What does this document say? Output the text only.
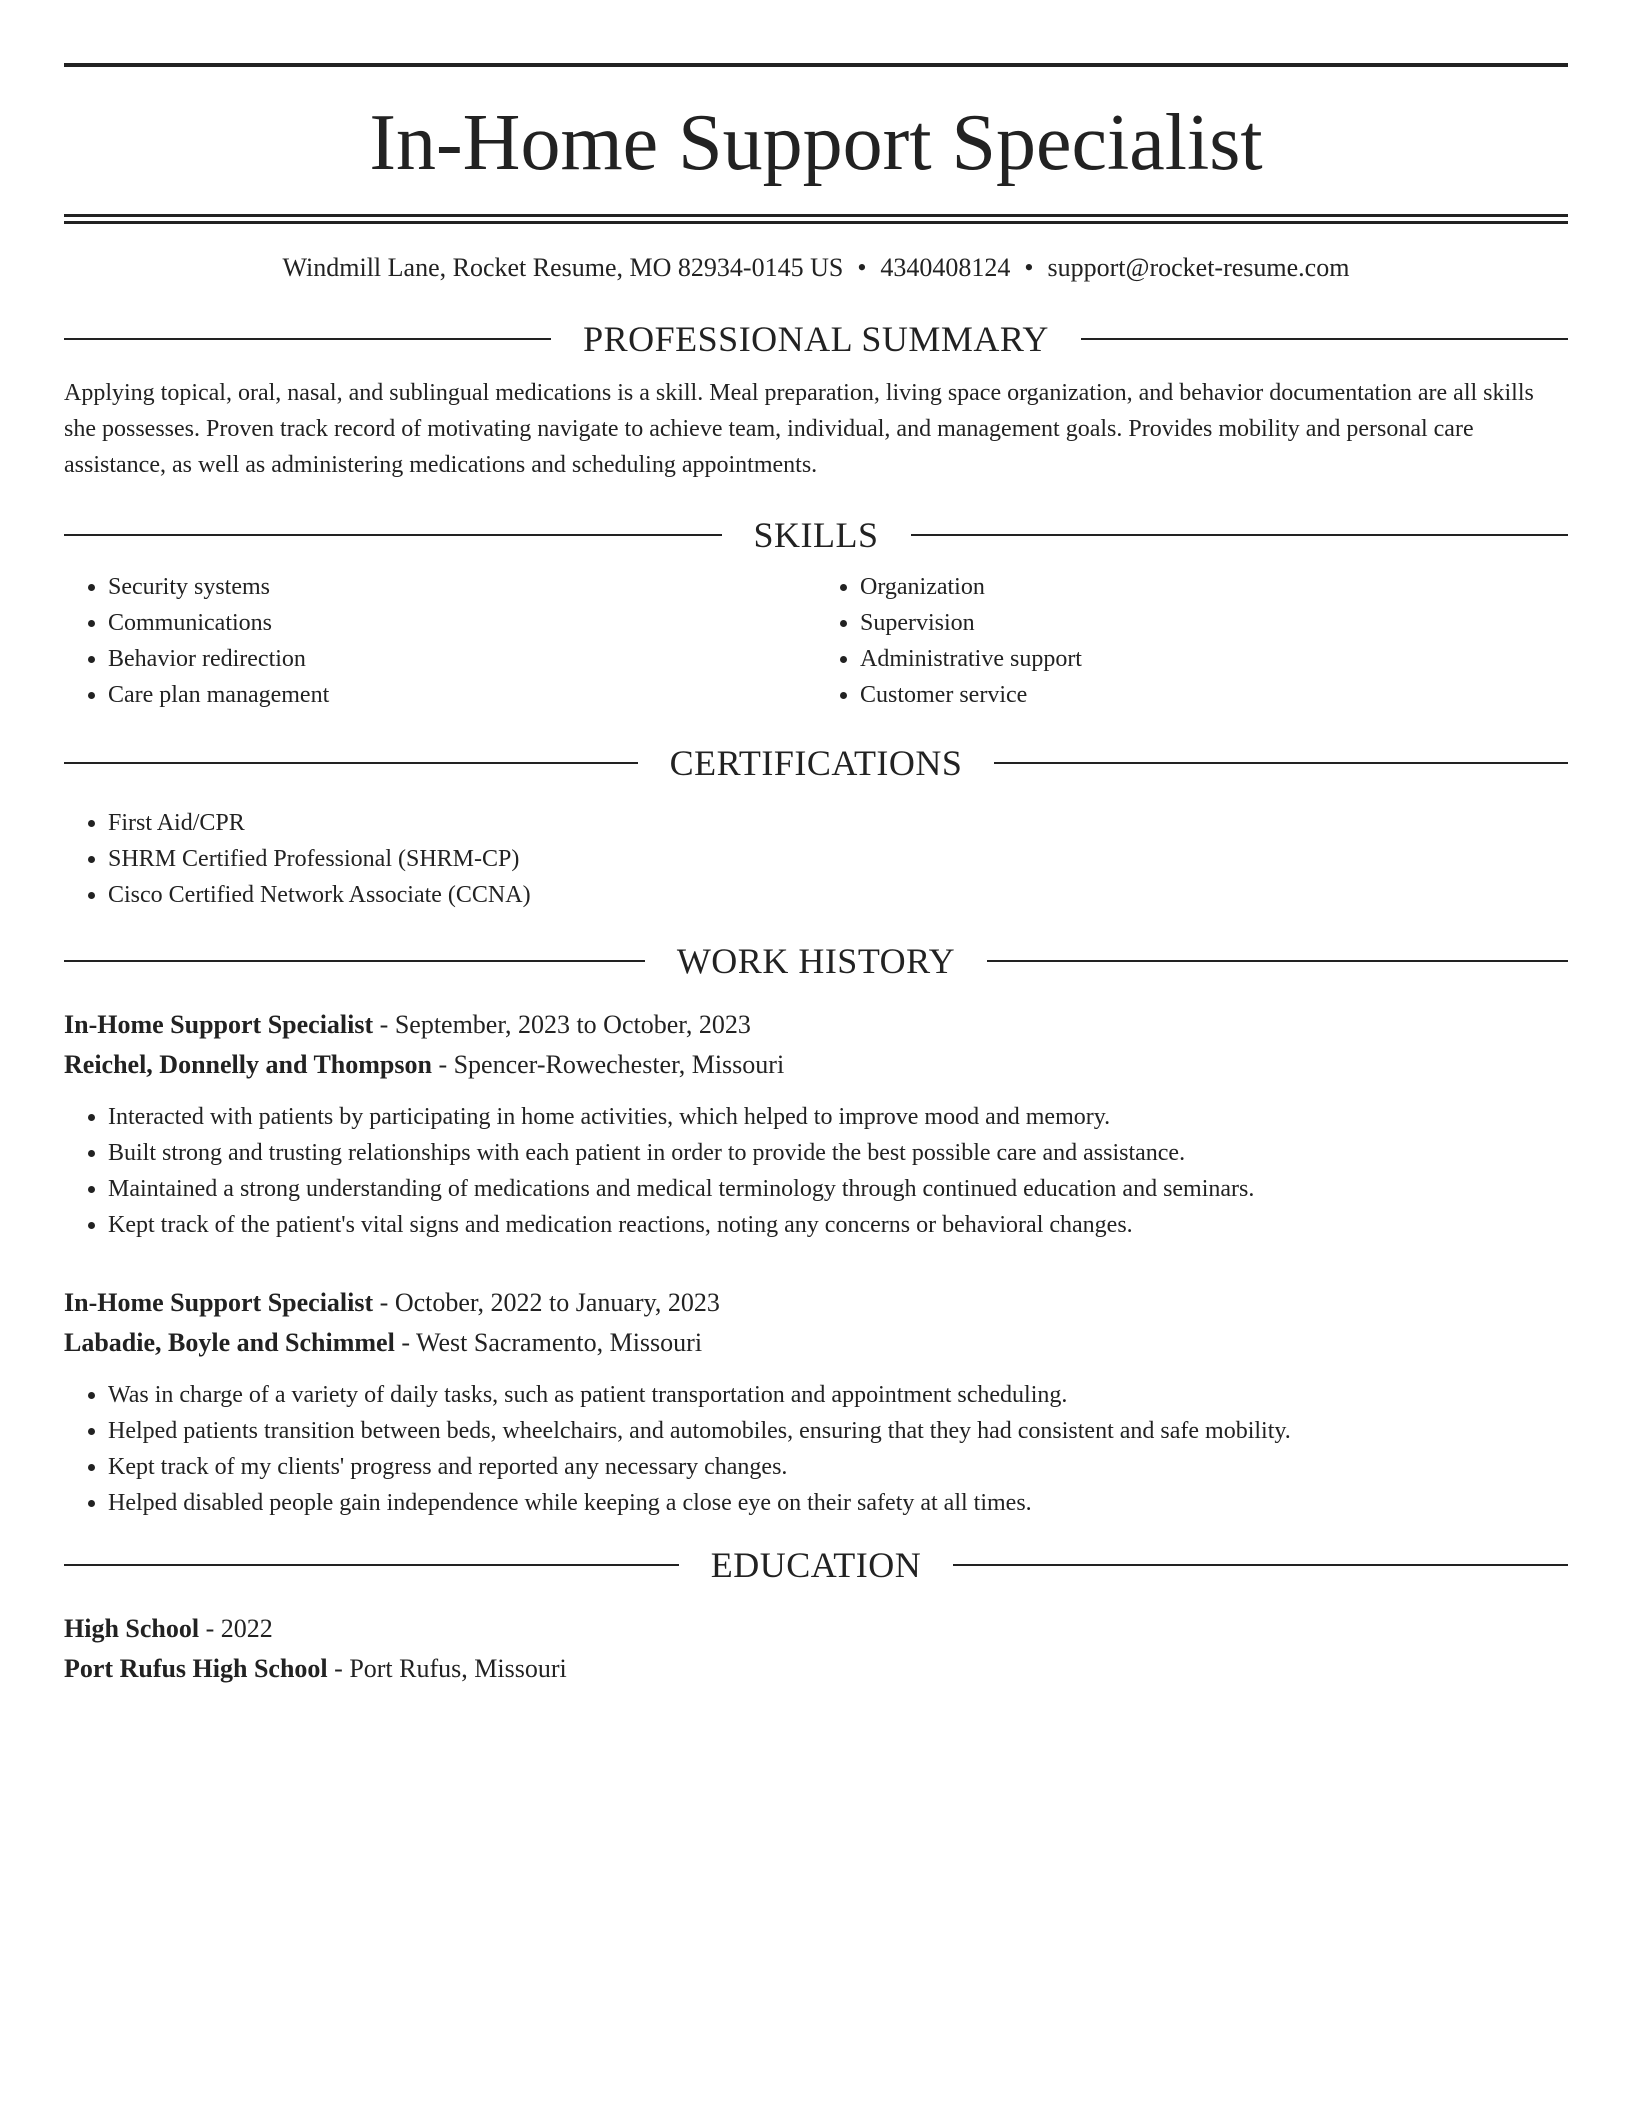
In-Home Support Specialist
Windmill Lane, Rocket Resume, MO 82934-0145 US • 4340408124 • support@rocket-resume.com
PROFESSIONAL SUMMARY
Applying topical, oral, nasal, and sublingual medications is a skill. Meal preparation, living space organization, and behavior documentation are all skills she possesses. Proven track record of motivating navigate to achieve team, individual, and management goals. Provides mobility and personal care assistance, as well as administering medications and scheduling appointments.
SKILLS
• Security systems
• Communications
• Behavior redirection
• Care plan management
• Organization
• Supervision
• Administrative support
• Customer service
CERTIFICATIONS
• First Aid/CPR
• SHRM Certified Professional (SHRM-CP)
• Cisco Certified Network Associate (CCNA)
WORK HISTORY
In-Home Support Specialist - September, 2023 to October, 2023
Reichel, Donnelly and Thompson - Spencer-Rowechester, Missouri
• Interacted with patients by participating in home activities, which helped to improve mood and memory.
• Built strong and trusting relationships with each patient in order to provide the best possible care and assistance.
• Maintained a strong understanding of medications and medical terminology through continued education and seminars.
• Kept track of the patient's vital signs and medication reactions, noting any concerns or behavioral changes.
In-Home Support Specialist - October, 2022 to January, 2023
Labadie, Boyle and Schimmel - West Sacramento, Missouri
• Was in charge of a variety of daily tasks, such as patient transportation and appointment scheduling.
• Helped patients transition between beds, wheelchairs, and automobiles, ensuring that they had consistent and safe mobility.
• Kept track of my clients' progress and reported any necessary changes.
• Helped disabled people gain independence while keeping a close eye on their safety at all times.
EDUCATION
High School - 2022
Port Rufus High School - Port Rufus, Missouri
